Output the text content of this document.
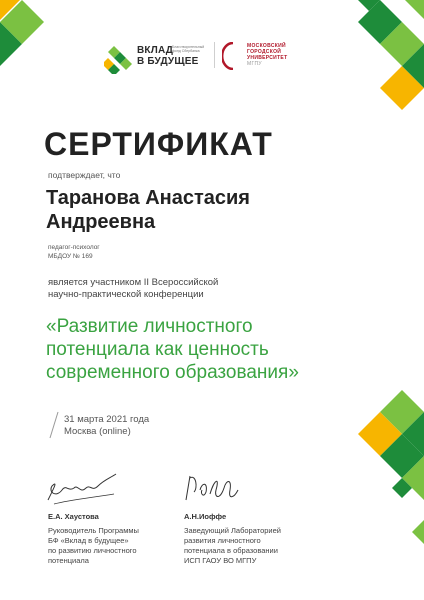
ВКЛАД
В БУДУЩЕЕ
Благотворительный фонд Сбербанка
МОСКОВСКИЙ
ГОРОДСКОЙ
УНИВЕРСИТЕТ
МГПУ
СЕРТИФИКАТ
подтверждает, что
Таранова Анастасия
Андреевна
педагог-психолог
МБДОУ № 169
является участником II Всероссийской
научно-практической конференции
«Развитие личностного
потенциала как ценность
современного образования»
31 марта 2021 года
Москва (online)
Е.А. Хаустова
Руководитель Программы
БФ «Вклад в будущее»
по развитию личностного
потенциала
А.Н.Иоффе
Заведующий Лабораторией
развития личностного
потенциала в образовании
ИСП ГАОУ ВО МГПУ
